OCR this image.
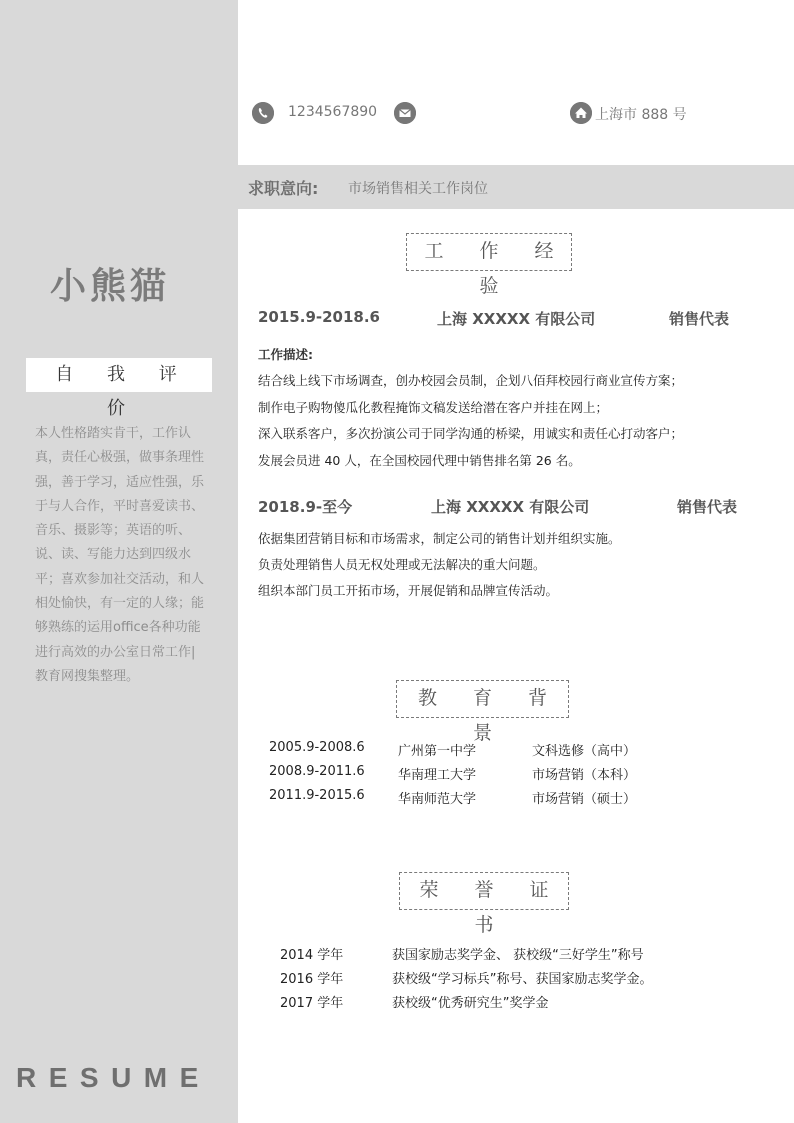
小熊猫
自 我 评 价
本人性格踏实肯干，工作认真，责任心极强，做事条理性强，善于学习，适应性强，乐于与人合作，平时喜爱读书、音乐、摄影等；英语的听、说、读、写能力达到四级水平；喜欢参加社交活动，和人相处愉快，有一定的人缘；能够熟练的运用office各种功能进行高效的办公室日常工作|教育网搜集整理。
RESUME
1234567890	上海市 888 号
求职意向: 市场销售相关工作岗位
工 作 经 验
2015.9-2018.6	上海 XXXXX 有限公司	销售代表
工作描述:
结合线上线下市场调查，创办校园会员制，企划八佰拜校园行商业宣传方案；
制作电子购物傻瓜化教程掩饰文稿发送给潜在客户并挂在网上；
深入联系客户，多次扮演公司于同学沟通的桥梁，用诚实和责任心打动客户；
发展会员进 40 人，在全国校园代理中销售排名第 26 名。
2018.9-至今	上海 XXXXX 有限公司	销售代表
依据集团营销目标和市场需求，制定公司的销售计划并组织实施。
负责处理销售人员无权处理或无法解决的重大问题。
组织本部门员工开拓市场，开展促销和品牌宣传活动。
教 育 背 景
2005.9-2008.6	广州第一中学	文科选修（高中）
2008.9-2011.6	华南理工大学	市场营销（本科）
2011.9-2015.6	华南师范大学	市场营销（硕士）
荣 誉 证 书
2014 学年	获国家励志奖学金、 获校级“三好学生”称号
2016 学年	获校级“学习标兵”称号、获国家励志奖学金。
2017 学年	获校级“优秀研究生”奖学金
